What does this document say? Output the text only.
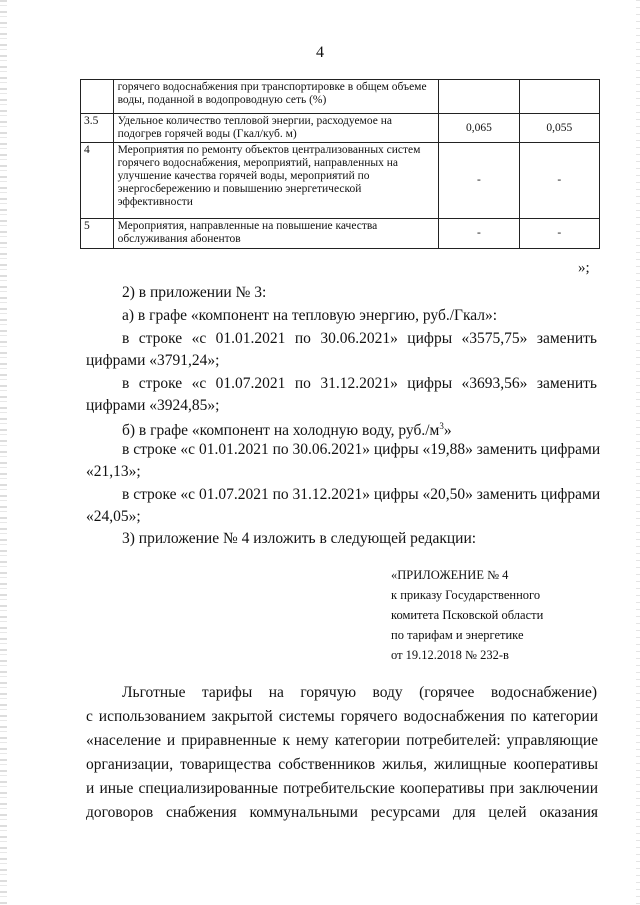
4
	горячего водоснабжения при транспортировке в общем объеме воды, поданной в водопроводную сеть (%)		
3.5	Удельное количество тепловой энергии, расходуемое на подогрев горячей воды (Гкал/куб. м)	0,065	0,055
4	Мероприятия по ремонту объектов централизованных систем горячего водоснабжения, мероприятий, направленных на улучшение качества горячей воды, мероприятий по энергосбережению и повышению энергетической эффективности	-	-
5	Мероприятия, направленные на повышение качества обслуживания абонентов	-	-
»;
2) в приложении № 3:
а) в графе «компонент на тепловую энергию, руб./Гкал»:
в строке «с 01.01.2021 по 30.06.2021» цифры «3575,75» заменить
цифрами «3791,24»;
в строке «с 01.07.2021 по 31.12.2021» цифры «3693,56» заменить
цифрами «3924,85»;
б) в графе «компонент на холодную воду, $руб./м^3$»
в строке «с 01.01.2021 по 30.06.2021» цифры «19,88» заменить цифрами
«21,13»;
в строке «с 01.07.2021 по 31.12.2021» цифры «20,50» заменить цифрами
«24,05»;
3) приложение № 4 изложить в следующей редакции:
«ПРИЛОЖЕНИЕ № 4
к приказу Государственного
комитета Псковской области
по тарифам и энергетике
от 19.12.2018 № 232-в
Льготные тарифы на горячую воду (горячее водоснабжение)
с использованием закрытой системы горячего водоснабжения по категории
«население и приравненные к нему категории потребителей: управляющие
организации, товарищества собственников жилья, жилищные кооперативы
и иные специализированные потребительские кооперативы при заключении
договоров снабжения коммунальными ресурсами для целей оказания
